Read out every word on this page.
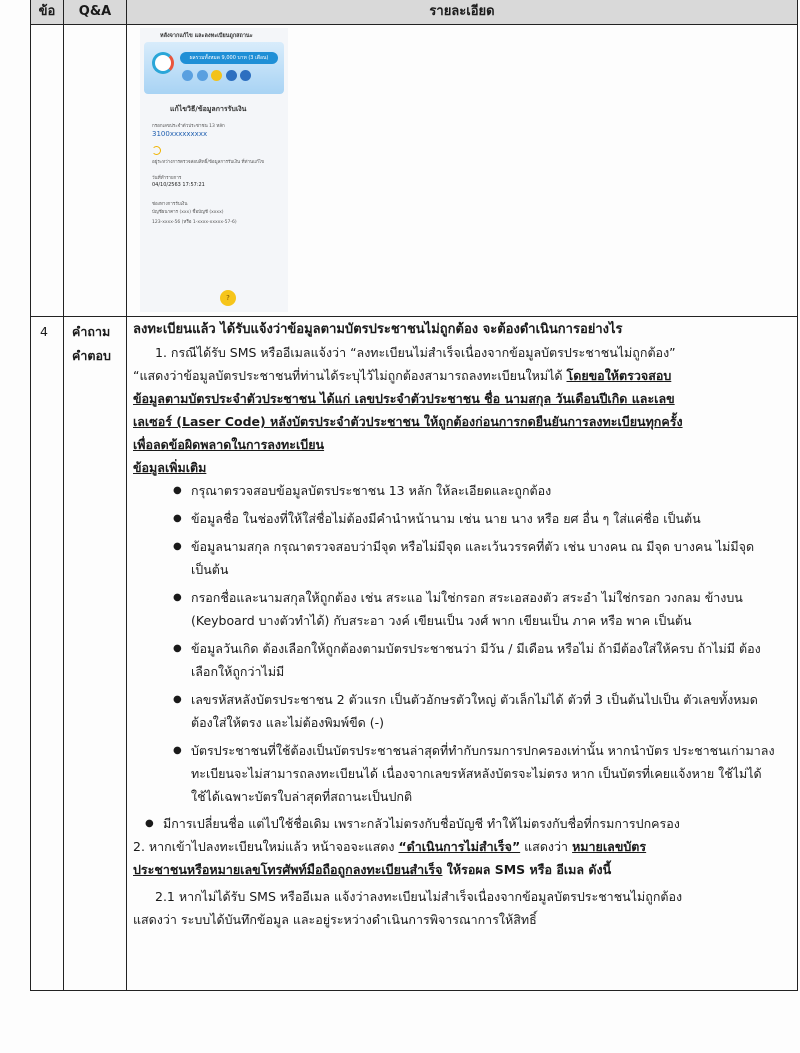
ข้อ	Q&A	รายละเอียด
หลังจากแก้ไข และลงทะเบียนถูกสถานะ
ผลรวมทั้งหมด 9,000 บาท (3 เดือน)

แก้ไขวิธี/ข้อมูลการรับเงิน
กรอกเลขประจำตัวประชาชน 13 หลัก
3100xxxxxxxxx
อยู่ระหว่างการตรวจสอบสิทธิ์/ข้อมูลการรับเงิน ที่ท่านแก้ไข
วันที่ทำรายการ
04/10/2563 17:57:21
ช่องทางการรับเงิน
บัญชีธนาคาร (xxx) ชื่อบัญชี (xxxx)
123-xxxx-56 (หรือ 1-xxxx-xxxxx-57-6)
?
4 คำถาม
คำตอบ

ลงทะเบียนแล้ว ได้รับแจ้งว่าข้อมูลตามบัตรประชาชนไม่ถูกต้อง จะต้องดำเนินการอย่างไร

1. กรณีได้รับ SMS หรืออีเมลแจ้งว่า “ลงทะเบียนไม่สำเร็จเนื่องจากข้อมูลบัตรประชาชนไม่ถูกต้อง”

“แสดงว่าข้อมูลบัตรประชาชนที่ท่านได้ระบุไว้ไม่ถูกต้องสามารถลงทะเบียนใหม่ได้ โดยขอให้ตรวจสอบ

ข้อมูลตามบัตรประจำตัวประชาชน ได้แก่ เลขประจำตัวประชาชน ชื่อ นามสกุล วันเดือนปีเกิด และเลข

เลเซอร์ (Laser Code) หลังบัตรประจำตัวประชาชน ให้ถูกต้องก่อนการกดยืนยันการลงทะเบียนทุกครั้ง

เพื่อลดข้อผิดพลาดในการลงทะเบียน

ข้อมูลเพิ่มเติม

● กรุณาตรวจสอบข้อมูลบัตรประชาชน 13 หลัก ให้ละเอียดและถูกต้อง
● ข้อมูลชื่อ ในช่องที่ให้ใส่ชื่อไม่ต้องมีคำนำหน้านาม เช่น นาย นาง หรือ ยศ อื่น ๆ ใส่แค่ชื่อ เป็นต้น
● ข้อมูลนามสกุล กรุณาตรวจสอบว่ามีจุด หรือไม่มีจุด และเว้นวรรคที่ตัว เช่น บางคน ณ มีจุด บางคน ไม่มีจุด เป็นต้น
● กรอกชื่อและนามสกุลให้ถูกต้อง เช่น สระแอ ไม่ใช่กรอก สระเอสองตัว สระอำ ไม่ใช่กรอก วงกลม ข้างบน (Keyboard บางตัวทำได้) กับสระอา วงค์ เขียนเป็น วงศ์ พาก เขียนเป็น ภาค หรือ พาค เป็นต้น
● ข้อมูลวันเกิด ต้องเลือกให้ถูกต้องตามบัตรประชาชนว่า มีวัน / มีเดือน หรือไม่ ถ้ามีต้องใส่ให้ครบ ถ้าไม่มี ต้องเลือกให้ถูกว่าไม่มี
● เลขรหัสหลังบัตรประชาชน 2 ตัวแรก เป็นตัวอักษรตัวใหญ่ ตัวเล็กไม่ได้ ตัวที่ 3 เป็นต้นไปเป็น ตัวเลขทั้งหมด ต้องใส่ให้ตรง และไม่ต้องพิมพ์ขีด (-)
● บัตรประชาชนที่ใช้ต้องเป็นบัตรประชาชนล่าสุดที่ทำกับกรมการปกครองเท่านั้น หากนำบัตร ประชาชนเก่ามาลงทะเบียนจะไม่สามารถลงทะเบียนได้ เนื่องจากเลขรหัสหลังบัตรจะไม่ตรง หาก เป็นบัตรที่เคยแจ้งหาย ใช้ไม่ได้ ใช้ได้เฉพาะบัตรใบล่าสุดที่สถานะเป็นปกติ
● มีการเปลี่ยนชื่อ แต่ไปใช้ชื่อเดิม เพราะกลัวไม่ตรงกับชื่อบัญชี ทำให้ไม่ตรงกับชื่อที่กรมการปกครอง

2. หากเข้าไปลงทะเบียนใหม่แล้ว หน้าจอจะแสดง “ดำเนินการไม่สำเร็จ” แสดงว่า หมายเลขบัตร

ประชาชนหรือหมายเลขโทรศัพท์มือถือถูกลงทะเบียนสำเร็จ ให้รอผล SMS หรือ อีเมล ดังนี้

2.1 หากไม่ได้รับ SMS หรืออีเมล แจ้งว่าลงทะเบียนไม่สำเร็จเนื่องจากข้อมูลบัตรประชาชนไม่ถูกต้อง

แสดงว่า ระบบได้บันทึกข้อมูล และอยู่ระหว่างดำเนินการพิจารณาการให้สิทธิ์
